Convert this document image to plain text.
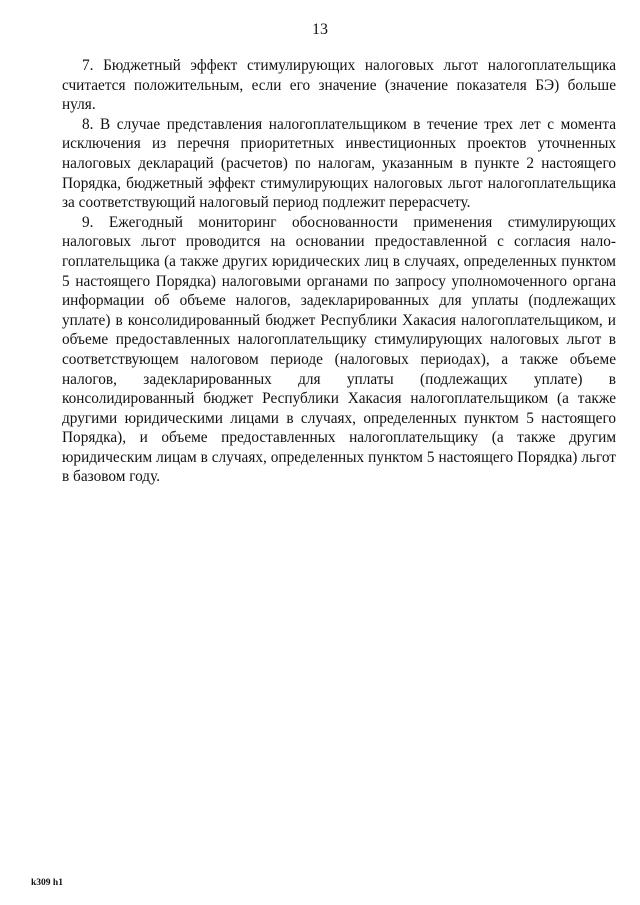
13

7. Бюджетный эффект стимулирующих налоговых льгот налогоплательщика считается положительным, если его значение (значение показателя БЭ) больше нуля.

8. В случае представления налогоплательщиком в течение трех лет с момента исключения из перечня приоритетных инвестиционных проектов уточненных налоговых деклараций (расчетов) по налогам, указанным в пункте 2 настоящего Порядка, бюджетный эффект стимулирующих налоговых льгот налогоплательщика за соответствующий налоговый период подлежит перерасчету.

9. Ежегодный мониторинг обоснованности применения стимулирующих налоговых льгот проводится на основании предоставленной с согласия налогоплательщика (а также других юридических лиц в случаях, определенных пунктом 5 настоящего Порядка) налоговыми органами по запросу уполномоченного органа информации об объеме налогов, задекларированных для уплаты (подлежащих уплате) в консолидированный бюджет Республики Хакасия налогоплательщиком, и объеме предоставленных налогоплательщику стимулирующих налоговых льгот в соответствующем налоговом периоде (налоговых периодах), а также объеме налогов, задекларированных для уплаты (подлежащих уплате) в консолидированный бюджет Республики Хакасия налогоплательщиком (а также другими юридическими лицами в случаях, определенных пунктом 5 настоящего Порядка), и объеме предоставленных налогоплательщику (а также другим юридическим лицам в случаях, определенных пунктом 5 настоящего Порядка) льгот в базовом году.

k309 h1
